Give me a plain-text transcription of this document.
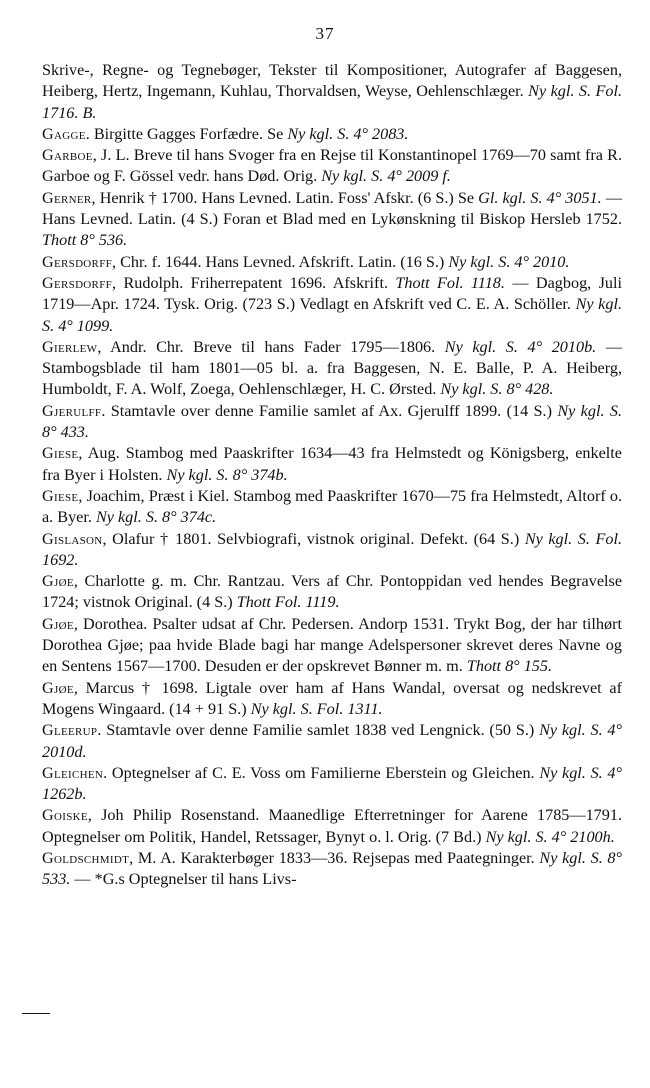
37

Skrive-, Regne- og Tegnebøger, Tekster til Kompositioner, Autografer af Baggesen, Heiberg, Hertz, Ingemann, Kuhlau, Thorvaldsen, Weyse, Oehlenschlæger. Ny kgl. S. Fol. 1716. B.

Gagge. Birgitte Gagges Forfædre. Se Ny kgl. S. 4° 2083.

Garboe, J. L. Breve til hans Svoger fra en Rejse til Konstantinopel 1769—70 samt fra R. Garboe og F. Gössel vedr. hans Død. Orig. Ny kgl. S. 4° 2009 f.

Gerner, Henrik † 1700. Hans Levned. Latin. Foss' Afskr. (6 S.) Se Gl. kgl. S. 4° 3051. — Hans Levned. Latin. (4 S.) Foran et Blad med en Lykønskning til Biskop Hersleb 1752. Thott 8° 536.

Gersdorff, Chr. f. 1644. Hans Levned. Afskrift. Latin. (16 S.) Ny kgl. S. 4° 2010.

Gersdorff, Rudolph. Friherrepatent 1696. Afskrift. Thott Fol. 1118. — Dagbog, Juli 1719—Apr. 1724. Tysk. Orig. (723 S.) Vedlagt en Afskrift ved C. E. A. Schöller. Ny kgl. S. 4° 1099.

Gierlew, Andr. Chr. Breve til hans Fader 1795—1806. Ny kgl. S. 4° 2010b. — Stambogsblade til ham 1801—05 bl. a. fra Baggesen, N. E. Balle, P. A. Heiberg, Humboldt, F. A. Wolf, Zoega, Oehlenschlæger, H. C. Ørsted. Ny kgl. S. 8° 428.

Gjerulff. Stamtavle over denne Familie samlet af Ax. Gjerulff 1899. (14 S.) Ny kgl. S. 8° 433.

Giese, Aug. Stambog med Paaskrifter 1634—43 fra Helmstedt og Königsberg, enkelte fra Byer i Holsten. Ny kgl. S. 8° 374b.

Giese, Joachim, Præst i Kiel. Stambog med Paaskrifter 1670—75 fra Helmstedt, Altorf o. a. Byer. Ny kgl. S. 8° 374c.

Gislason, Olafur † 1801. Selvbiografi, vistnok original. Defekt. (64 S.) Ny kgl. S. Fol. 1692.

Gjøe, Charlotte g. m. Chr. Rantzau. Vers af Chr. Pontoppidan ved hendes Begravelse 1724; vistnok Original. (4 S.) Thott Fol. 1119.

Gjøe, Dorothea. Psalter udsat af Chr. Pedersen. Andorp 1531. Trykt Bog, der har tilhørt Dorothea Gjøe; paa hvide Blade bagi har mange Adelspersoner skrevet deres Navne og en Sentens 1567—1700. Desuden er der opskrevet Bønner m. m. Thott 8° 155.

Gjøe, Marcus † 1698. Ligtale over ham af Hans Wandal, oversat og nedskrevet af Mogens Wingaard. (14 + 91 S.) Ny kgl. S. Fol. 1311.

Gleerup. Stamtavle over denne Familie samlet 1838 ved Lengnick. (50 S.) Ny kgl. S. 4° 2010d.

Gleichen. Optegnelser af C. E. Voss om Familierne Eberstein og Gleichen. Ny kgl. S. 4° 1262b.

Goiske, Joh Philip Rosenstand. Maanedlige Efterretninger for Aarene 1785—1791. Optegnelser om Politik, Handel, Retssager, Bynyt o. l. Orig. (7 Bd.) Ny kgl. S. 4° 2100h.

Goldschmidt, M. A. Karakterbøger 1833—36. Rejsepas med Paategninger. Ny kgl. S. 8° 533. — *G.s Optegnelser til hans Livs-
